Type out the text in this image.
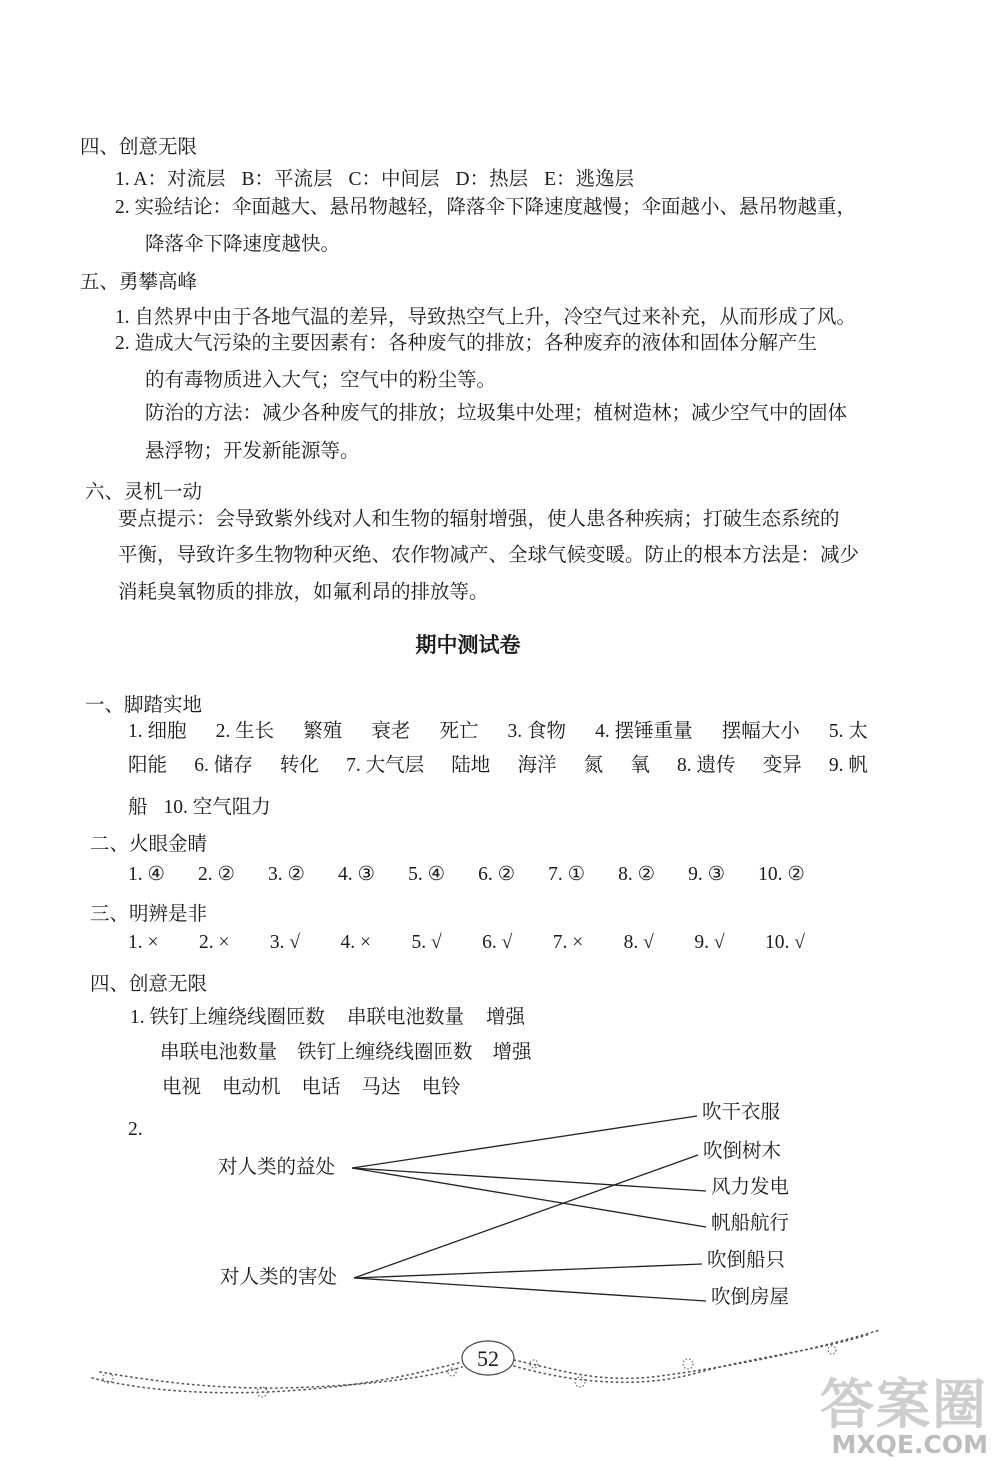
四、创意无限
1. A：对流层 B：平流层 C：中间层 D：热层 E：逃逸层
2. 实验结论：伞面越大、悬吊物越轻，降落伞下降速度越慢；伞面越小、悬吊物越重，
降落伞下降速度越快。
五、勇攀高峰
1. 自然界中由于各地气温的差异，导致热空气上升，冷空气过来补充，从而形成了风。
2. 造成大气污染的主要因素有：各种废气的排放；各种废弃的液体和固体分解产生
的有毒物质进入大气；空气中的粉尘等。
防治的方法：减少各种废气的排放；垃圾集中处理；植树造林；减少空气中的固体
悬浮物；开发新能源等。
六、灵机一动
要点提示：会导致紫外线对人和生物的辐射增强，使人患各种疾病；打破生态系统的
平衡，导致许多生物物种灭绝、农作物减产、全球气候变暖。防止的根本方法是：减少
消耗臭氧物质的排放，如氟利昂的排放等。
期中测试卷
一、脚踏实地
1. 细胞 2. 生长 繁殖 衰老 死亡 3. 食物 4. 摆锤重量 摆幅大小 5. 太
阳能 6. 储存 转化 7. 大气层 陆地 海洋 氮 氧 8. 遗传 变异 9. 帆
船 10. 空气阻力
二、火眼金睛
1. ④ 2. ② 3. ② 4. ③ 5. ④ 6. ② 7. ① 8. ② 9. ③ 10. ②
三、明辨是非
1. × 2. × 3. √ 4. × 5. √ 6. √ 7. × 8. √ 9. √ 10. √
四、创意无限
1. 铁钉上缠绕线圈匝数 串联电池数量 增强
串联电池数量 铁钉上缠绕线圈匝数 增强
电视 电动机 电话 马达 电铃
2.
对人类的益处
对人类的害处
吹干衣服
吹倒树木
风力发电
帆船航行
吹倒船只
吹倒房屋
52
答案圈
MXQE.COM
